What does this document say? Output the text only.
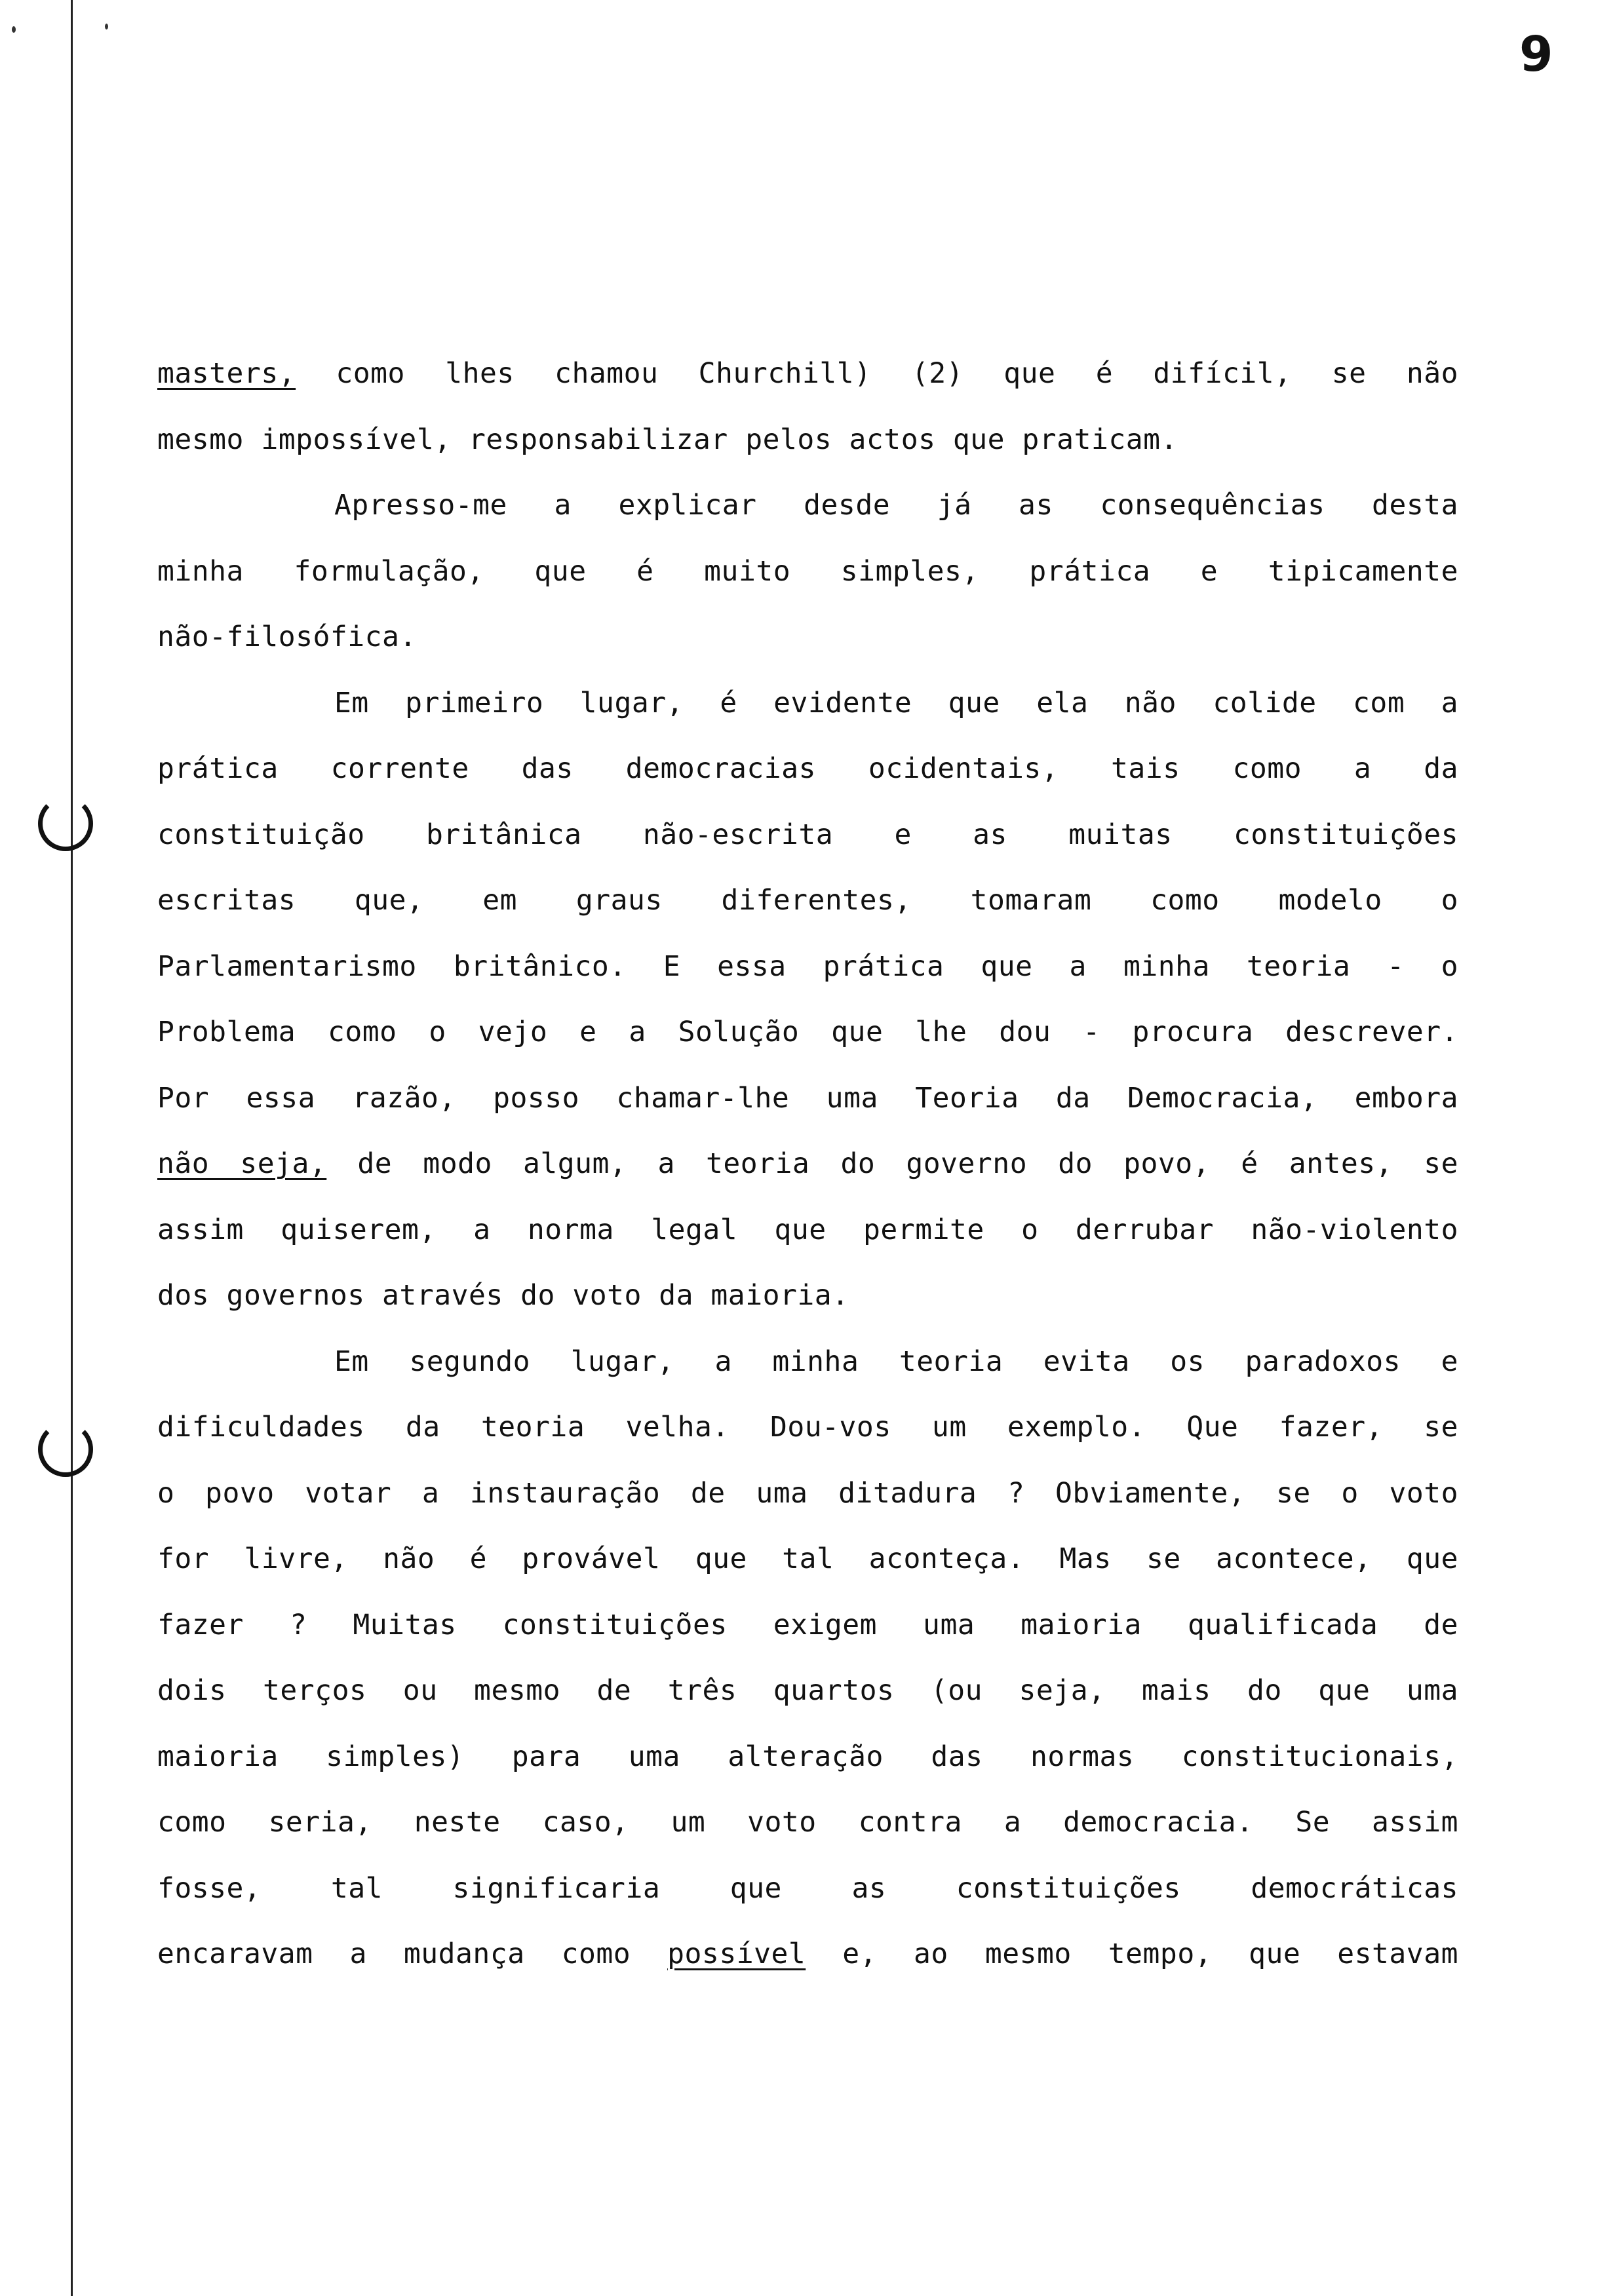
9
masters, como lhes chamou Churchill) (2) que é difícil, se não
mesmo impossível, responsabilizar pelos actos que praticam.
Apresso-me a explicar desde já as consequências desta
minha formulação, que é muito simples, prática e tipicamente
não-filosófica.
Em primeiro lugar, é evidente que ela não colide com a
prática corrente das democracias ocidentais, tais como a da
constituição britânica não-escrita e as muitas constituições
escritas que, em graus diferentes, tomaram como modelo o
Parlamentarismo britânico. E essa prática que a minha teoria - o
Problema como o vejo e a Solução que lhe dou - procura descrever.
Por essa razão, posso chamar-lhe uma Teoria da Democracia, embora
não seja, de modo algum, a teoria do governo do povo, é antes, se
assim quiserem, a norma legal que permite o derrubar não-violento
dos governos através do voto da maioria.
Em segundo lugar, a minha teoria evita os paradoxos e
dificuldades da teoria velha. Dou-vos um exemplo. Que fazer, se
o povo votar a instauração de uma ditadura ? Obviamente, se o voto
for livre, não é provável que tal aconteça. Mas se acontece, que
fazer ? Muitas constituições exigem uma maioria qualificada de
dois terços ou mesmo de três quartos (ou seja, mais do que uma
maioria simples) para uma alteração das normas constitucionais,
como seria, neste caso, um voto contra a democracia. Se assim
fosse, tal significaria que as constituições democráticas
encaravam a mudança como possível e, ao mesmo tempo, que estavam
